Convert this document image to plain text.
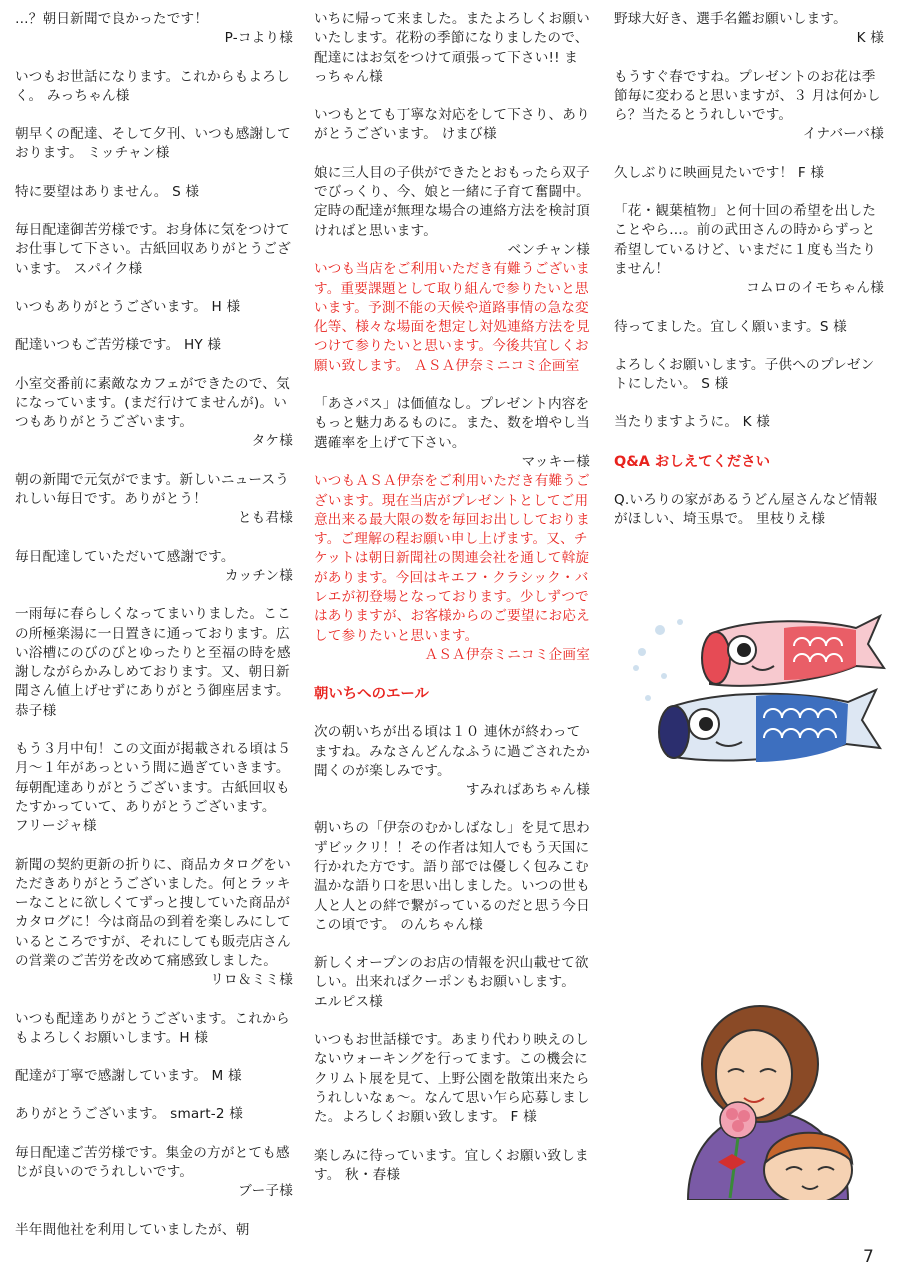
…？朝日新聞で良かったです！

P-コより様

いつもお世話になります。これからもよろしく。 みっちゃん様

朝早くの配達、そして夕刊、いつも感謝しております。 ミッチャン様

特に要望はありません。 S 様

毎日配達御苦労様です。お身体に気をつけてお仕事して下さい。古紙回収ありがとうございます。 スパイク様

いつもありがとうございます。 H 様

配達いつもご苦労様です。 HY 様

小室交番前に素敵なカフェができたので、気になっています。(まだ行けてませんが)。いつもありがとうございます。

タケ様

朝の新聞で元気がでます。新しいニュースうれしい毎日です。ありがとう！

とも君様

毎日配達していただいて感謝です。

カッチン様

一雨毎に春らしくなってまいりました。ここの所極楽湯に一日置きに通っております。広い浴槽にのびのびとゆったりと至福の時を感謝しながらかみしめております。又、朝日新聞さん値上げせずにありがとう御座居ます。 恭子様

もう３月中旬！この文面が掲載される頃は５月〜１年があっという間に過ぎていきます。毎朝配達ありがとうございます。古紙回収もたすかっていて、ありがとうございます。 フリージャ様

新聞の契約更新の折りに、商品カタログをいただきありがとうございました。何とラッキーなことに欲しくてずっと捜していた商品がカタログに！今は商品の到着を楽しみにしているところですが、それにしても販売店さんの営業のご苦労を改めて痛感致しました。

リロ＆ミミ様

いつも配達ありがとうございます。これからもよろしくお願いします。H 様

配達が丁寧で感謝しています。 M 様

ありがとうございます。 smart-2 様

毎日配達ご苦労様です。集金の方がとても感じが良いのでうれしいです。

ブー子様

半年間他社を利用していましたが、朝

いちに帰って来ました。またよろしくお願いいたします。花粉の季節になりましたので、配達にはお気をつけて頑張って下さい!! まっちゃん様

いつもとても丁寧な対応をして下さり、ありがとうございます。 けまび様

娘に三人目の子供ができたとおもったら双子でびっくり、今、娘と一緒に子育て奮闘中。定時の配達が無理な場合の連絡方法を検討頂ければと思います。

ベンチャン様

いつも当店をご利用いただき有難うございます。重要課題として取り組んで参りたいと思います。予測不能の天候や道路事情の急な変化等、様々な場面を想定し対処連絡方法を見つけて参りたいと思います。今後共宜しくお願い致します。 ＡＳＡ伊奈ミニコミ企画室

「あさパス」は価値なし。プレゼント内容をもっと魅力あるものに。また、数を増やし当選確率を上げて下さい。

マッキー様

いつもＡＳＡ伊奈をご利用いただき有難うございます。現在当店がプレゼントとしてご用意出来る最大限の数を毎回お出ししております。ご理解の程お願い申し上げます。又、チケットは朝日新聞社の関連会社を通して斡旋があります。今回はキエフ・クラシック・バレエが初登場となっております。少しずつではありますが、お客様からのご要望にお応えして参りたいと思います。

ＡＳＡ伊奈ミニコミ企画室

朝いちへのエール

次の朝いちが出る頃は１０ 連休が終わってますね。みなさんどんなふうに過ごされたか聞くのが楽しみです。

すみればあちゃん様

朝いちの「伊奈のむかしばなし」を見て思わずビックリ！！その作者は知人でもう天国に行かれた方です。語り部では優しく包みこむ温かな語り口を思い出しました。いつの世も人と人との絆で繋がっているのだと思う今日この頃です。 のんちゃん様

新しくオープンのお店の情報を沢山載せて欲しい。出来ればクーポンもお願いします。 エルピス様

いつもお世話様です。あまり代わり映えのしないウォーキングを行ってます。この機会にクリムト展を見て、上野公園を散策出来たらうれしいなぁ〜。なんて思い乍ら応募しました。よろしくお願い致します。 F 様

楽しみに待っています。宜しくお願い致します。 秋・春様

野球大好き、選手名鑑お願いします。

K 様

もうすぐ春ですね。プレゼントのお花は季節毎に変わると思いますが、３ 月は何かしら？当たるとうれしいです。

イナバーバ様

久しぶりに映画見たいです！ F 様

「花・観葉植物」と何十回の希望を出したことやら…。前の武田さんの時からずっと希望しているけど、いまだに１度も当たりません！

コムロのイモちゃん様

待ってました。宜しく願います。S 様

よろしくお願いします。子供へのプレゼントにしたい。 S 様

当たりますように。 K 様

Q&A おしえてください

Q.いろりの家があるうどん屋さんなど情報がほしい、埼玉県で。 里枝りえ様

7
